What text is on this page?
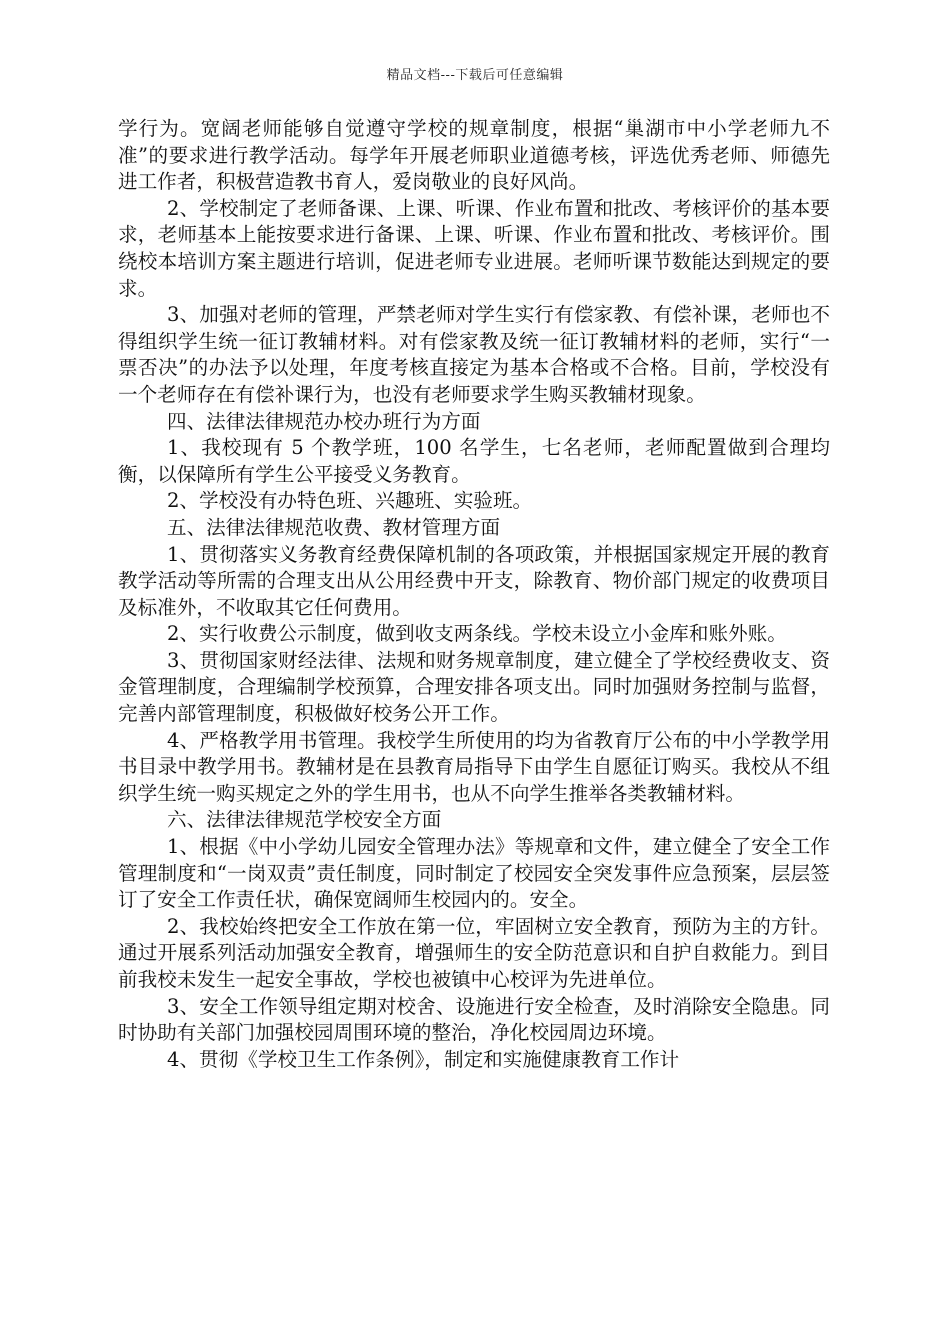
精品文档---下载后可任意编辑

学行为。宽阔老师能够自觉遵守学校的规章制度，根据“巢湖市中小学老师九不准”的要求进行教学活动。每学年开展老师职业道德考核，评选优秀老师、师德先进工作者，积极营造教书育人，爱岗敬业的良好风尚。

2、学校制定了老师备课、上课、听课、作业布置和批改、考核评价的基本要求，老师基本上能按要求进行备课、上课、听课、作业布置和批改、考核评价。围绕校本培训方案主题进行培训，促进老师专业进展。老师听课节数能达到规定的要求。

3、加强对老师的管理，严禁老师对学生实行有偿家教、有偿补课，老师也不得组织学生统一征订教辅材料。对有偿家教及统一征订教辅材料的老师，实行“一票否决”的办法予以处理，年度考核直接定为基本合格或不合格。目前，学校没有一个老师存在有偿补课行为，也没有老师要求学生购买教辅材现象。

四、法律法律规范办校办班行为方面

1、我校现有 5 个教学班，100 名学生，七名老师，老师配置做到合理均衡，以保障所有学生公平接受义务教育。

2、学校没有办特色班、兴趣班、实验班。

五、法律法律规范收费、教材管理方面

1、贯彻落实义务教育经费保障机制的各项政策，并根据国家规定开展的教育教学活动等所需的合理支出从公用经费中开支，除教育、物价部门规定的收费项目及标准外，不收取其它任何费用。

2、实行收费公示制度，做到收支两条线。学校未设立小金库和账外账。

3、贯彻国家财经法律、法规和财务规章制度，建立健全了学校经费收支、资金管理制度，合理编制学校预算，合理安排各项支出。同时加强财务控制与监督，完善内部管理制度，积极做好校务公开工作。

4、严格教学用书管理。我校学生所使用的均为省教育厅公布的中小学教学用书目录中教学用书。教辅材是在县教育局指导下由学生自愿征订购买。我校从不组织学生统一购买规定之外的学生用书，也从不向学生推举各类教辅材料。

六、法律法律规范学校安全方面

1、根据《中小学幼儿园安全管理办法》等规章和文件，建立健全了安全工作管理制度和“一岗双责”责任制度，同时制定了校园安全突发事件应急预案，层层签订了安全工作责任状，确保宽阔师生校园内的。安全。

2、我校始终把安全工作放在第一位，牢固树立安全教育，预防为主的方针。通过开展系列活动加强安全教育，增强师生的安全防范意识和自护自救能力。到目前我校未发生一起安全事故，学校也被镇中心校评为先进单位。

3、安全工作领导组定期对校舍、设施进行安全检查，及时消除安全隐患。同时协助有关部门加强校园周围环境的整治，净化校园周边环境。

4、贯彻《学校卫生工作条例》，制定和实施健康教育工作计
